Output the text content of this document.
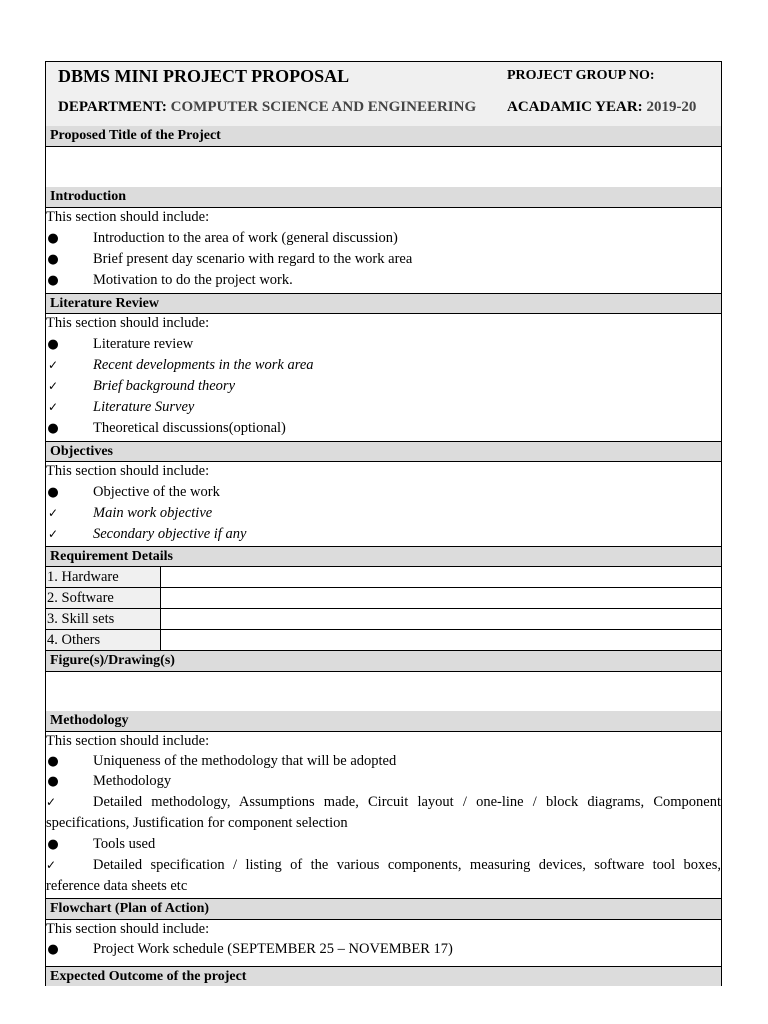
DBMS MINI PROJECT PROPOSAL	PROJECT GROUP NO:
DEPARTMENT: COMPUTER SCIENCE AND ENGINEERING ACADAMIC YEAR: 2019-20
Proposed Title of the Project
Introduction
This section should include:
● Introduction to the area of work (general discussion)
● Brief present day scenario with regard to the work area
● Motivation to do the project work.
Literature Review
This section should include:
● Literature review
✓ Recent developments in the work area
✓ Brief background theory
✓ Literature Survey
● Theoretical discussions(optional)
Objectives
This section should include:
● Objective of the work
✓ Main work objective
✓ Secondary objective if any
Requirement Details
1. Hardware
2. Software
3. Skill sets
4. Others
Figure(s)/Drawing(s)
Methodology
This section should include:
● Uniqueness of the methodology that will be adopted
● Methodology
✓	Detailed methodology, Assumptions made, Circuit layout / one-line / block diagrams, Component
specifications, Justification for component selection
● Tools used
✓	Detailed specification / listing of the various components, measuring devices, software tool boxes,
reference data sheets etc
Flowchart (Plan of Action)
This section should include:
● Project Work schedule (SEPTEMBER 25 – NOVEMBER 17)
Expected Outcome of the project
